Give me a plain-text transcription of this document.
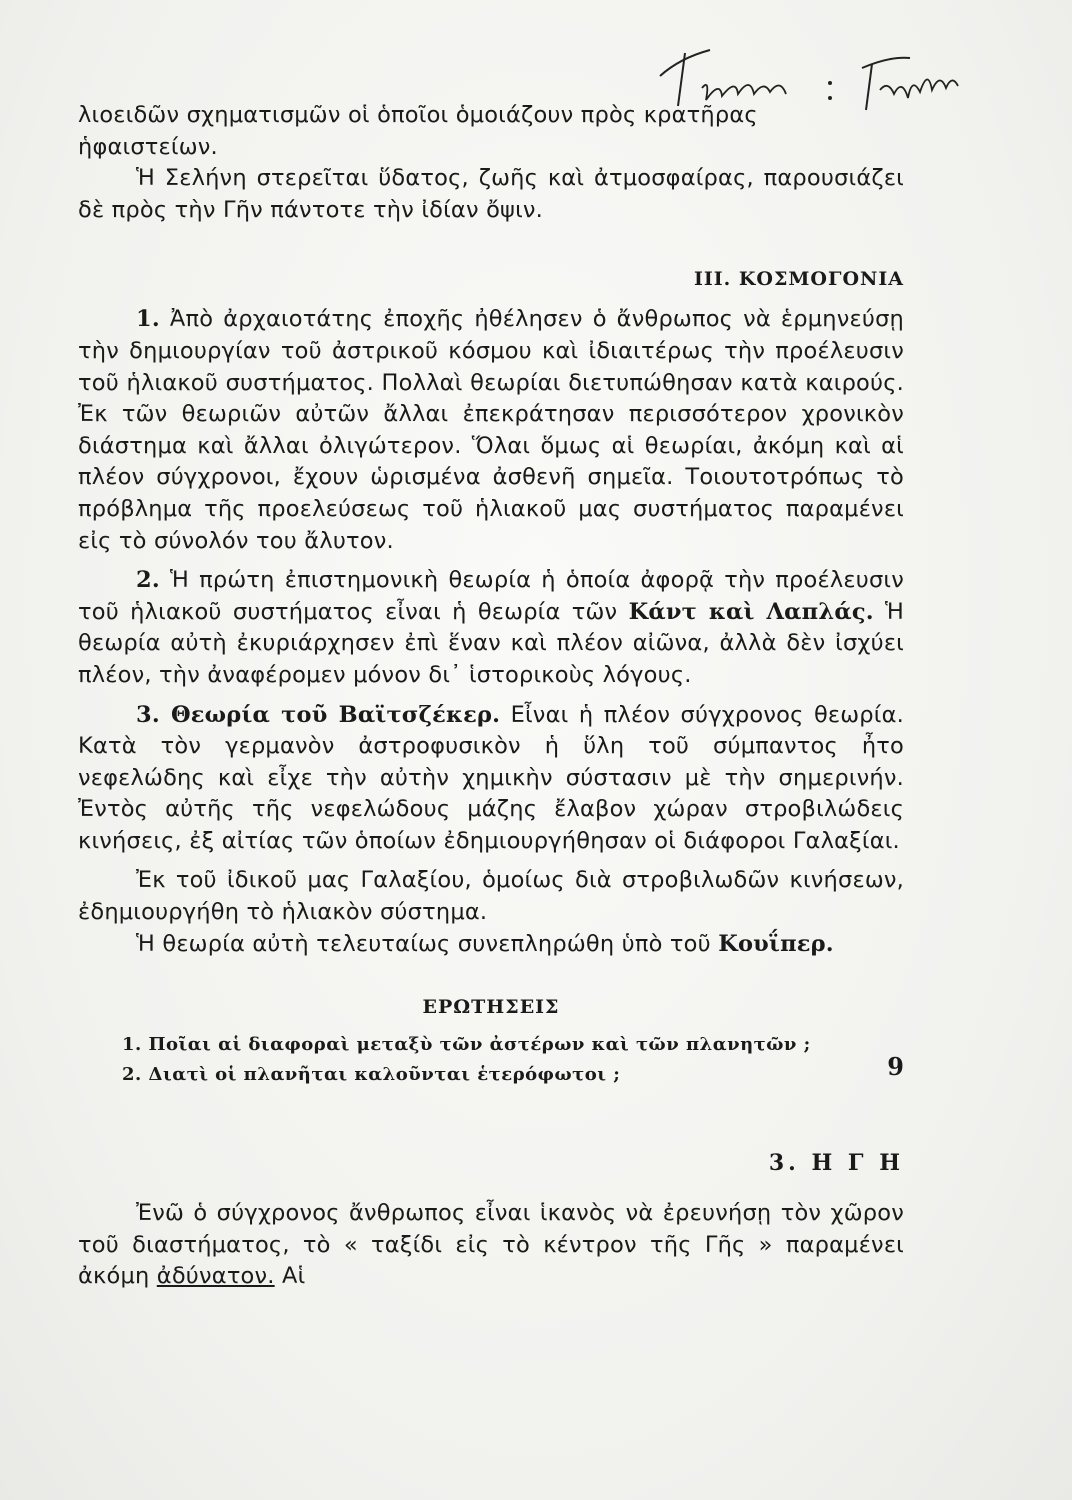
λιοειδῶν σχηματισμῶν οἱ ὁποῖοι ὁμοιάζουν πρὸς κρατῆρας ἡφαιστείων.

Ἡ Σελήνη στερεῖται ὕδατος, ζωῆς καὶ ἀτμοσφαίρας, παρουσιάζει δὲ πρὸς τὴν Γῆν πάντοτε τὴν ἰδίαν ὄψιν.

III. ΚΟΣΜΟΓΟΝΙΑ

1. Ἀπὸ ἀρχαιοτάτης ἐποχῆς ἠθέλησεν ὁ ἄνθρωπος νὰ ἑρμηνεύσῃ τὴν δημιουργίαν τοῦ ἀστρικοῦ κόσμου καὶ ἰδιαιτέρως τὴν προέλευσιν τοῦ ἡλιακοῦ συστήματος. Πολλαὶ θεωρίαι διετυπώθησαν κατὰ καιρούς. Ἐκ τῶν θεωριῶν αὐτῶν ἄλλαι ἐπεκράτησαν περισσότερον χρονικὸν διάστημα καὶ ἄλλαι ὀλιγώτερον. Ὅλαι ὅμως αἱ θεωρίαι, ἀκόμη καὶ αἱ πλέον σύγχρονοι, ἔχουν ὡρισμένα ἀσθενῆ σημεῖα. Τοιουτοτρόπως τὸ πρόβλημα τῆς προελεύσεως τοῦ ἡλιακοῦ μας συστήματος παραμένει εἰς τὸ σύνολόν του ἄλυτον.

2. Ἡ πρώτη ἐπιστημονικὴ θεωρία ἡ ὁποία ἀφορᾷ τὴν προέλευσιν τοῦ ἡλιακοῦ συστήματος εἶναι ἡ θεωρία τῶν Κάντ καὶ Λαπλάς. Ἡ θεωρία αὐτὴ ἐκυριάρχησεν ἐπὶ ἕναν καὶ πλέον αἰῶνα, ἀλλὰ δὲν ἰσχύει πλέον, τὴν ἀναφέρομεν μόνον δι᾽ ἱστορικοὺς λόγους.

3. Θεωρία τοῦ Βαϊτσζέκερ. Εἶναι ἡ πλέον σύγχρονος θεωρία. Κατὰ τὸν γερμανὸν ἀστροφυσικὸν ἡ ὕλη τοῦ σύμπαντος ἦτο νεφελώδης καὶ εἶχε τὴν αὐτὴν χημικὴν σύστασιν μὲ τὴν σημερινήν. Ἐντὸς αὐτῆς τῆς νεφελώδους μάζης ἔλαβον χώραν στροβιλώδεις κινήσεις, ἐξ αἰτίας τῶν ὁποίων ἐδημιουργήθησαν οἱ διάφοροι Γαλαξίαι.

Ἐκ τοῦ ἰδικοῦ μας Γαλαξίου, ὁμοίως διὰ στροβιλωδῶν κινήσεων, ἐδημιουργήθη τὸ ἡλιακὸν σύστημα.

Ἡ θεωρία αὐτὴ τελευταίως συνεπληρώθη ὑπὸ τοῦ Κουΐπερ.

ΕΡΩΤΗΣΕΙΣ

1. Ποῖαι αἱ διαφοραὶ μεταξὺ τῶν ἀστέρων καὶ τῶν πλανητῶν ;
2. Διατὶ οἱ πλανῆται καλοῦνται ἑτερόφωτοι ;

3. Η Γ Η

Ἐνῶ ὁ σύγχρονος ἄνθρωπος εἶναι ἱκανὸς νὰ ἐρευνήσῃ τὸν χῶρον τοῦ διαστήματος, τὸ « ταξίδι εἰς τὸ κέντρον τῆς Γῆς » παραμένει ἀκόμη ἀδύνατον. Αἱ

9
